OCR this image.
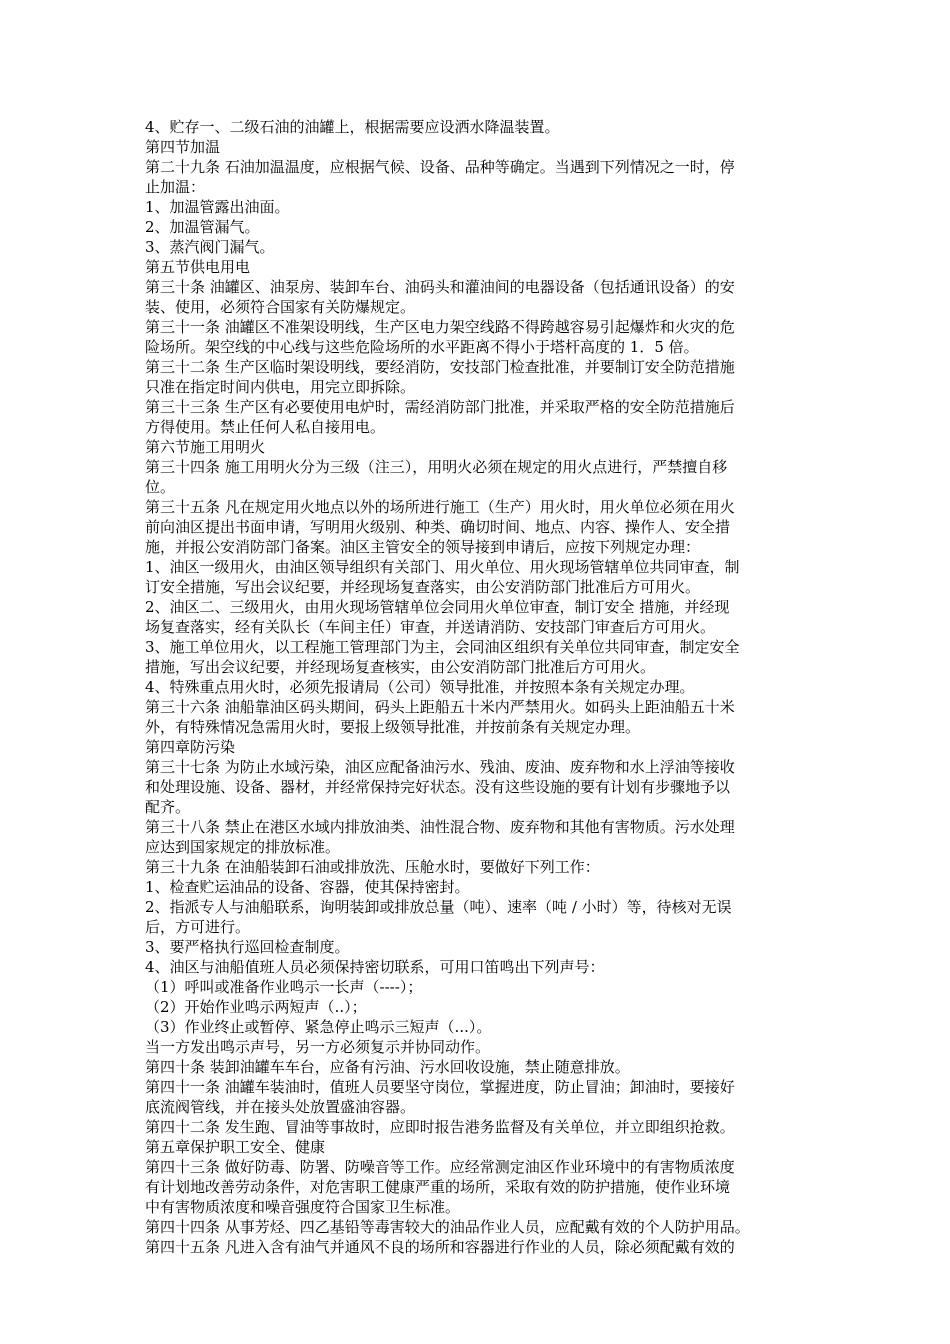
4、贮存一、二级石油的油罐上，根据需要应设洒水降温装置。
第四节加温
第二十九条 石油加温温度，应根据气候、设备、品种等确定。当遇到下列情况之一时，停
止加温：
1、加温管露出油面。
2、加温管漏气。
3、蒸汽阀门漏气。
第五节供电用电
第三十条 油罐区、油泵房、装卸车台、油码头和灌油间的电器设备（包括通讯设备）的安
装、使用，必须符合国家有关防爆规定。
第三十一条 油罐区不准架设明线，生产区电力架空线路不得跨越容易引起爆炸和火灾的危
险场所。架空线的中心线与这些危险场所的水平距离不得小于塔杆高度的 1．5 倍。
第三十二条 生产区临时架设明线，要经消防，安技部门检查批准，并要制订安全防范措施
只准在指定时间内供电，用完立即拆除。
第三十三条 生产区有必要使用电炉时，需经消防部门批准，并采取严格的安全防范措施后
方得使用。禁止任何人私自接用电。
第六节施工用明火
第三十四条 施工用明火分为三级（注三），用明火必须在规定的用火点进行，严禁擅自移
位。
第三十五条 凡在规定用火地点以外的场所进行施工（生产）用火时，用火单位必须在用火
前向油区提出书面申请，写明用火级别、种类、确切时间、地点、内容、操作人、安全措
施，并报公安消防部门备案。油区主管安全的领导接到申请后，应按下列规定办理：
1、油区一级用火，由油区领导组织有关部门、用火单位、用火现场管辖单位共同审查，制
订安全措施，写出会议纪要，并经现场复查落实，由公安消防部门批准后方可用火。
2、油区二、三级用火，由用火现场管辖单位会同用火单位审查，制订安全 措施，并经现
场复查落实，经有关队长（车间主任）审查，并送请消防、安技部门审查后方可用火。
3、施工单位用火，以工程施工管理部门为主，会同油区组织有关单位共同审查，制定安全
措施，写出会议纪要，并经现场复查核实，由公安消防部门批准后方可用火。
4、特殊重点用火时，必须先报请局（公司）领导批准，并按照本条有关规定办理。
第三十六条 油船靠油区码头期间，码头上距船五十米内严禁用火。如码头上距油船五十米
外，有特殊情况急需用火时，要报上级领导批准，并按前条有关规定办理。
第四章防污染
第三十七条 为防止水域污染，油区应配备油污水、残油、废油、废弃物和水上浮油等接收
和处理设施、设备、器材，并经常保持完好状态。没有这些设施的要有计划有步骤地予以
配齐。
第三十八条 禁止在港区水域内排放油类、油性混合物、废弃物和其他有害物质。污水处理
应达到国家规定的排放标准。
第三十九条 在油船装卸石油或排放洗、压舱水时，要做好下列工作：
1、检查贮运油品的设备、容器，使其保持密封。
2、指派专人与油船联系，询明装卸或排放总量（吨）、速率（吨 / 小时）等，待核对无误
后，方可进行。
3、要严格执行巡回检查制度。
4、油区与油船值班人员必须保持密切联系，可用口笛鸣出下列声号：
（1）呼叫或准备作业鸣示一长声（----）；
（2）开始作业鸣示两短声（..）；
（3）作业终止或暂停、紧急停止鸣示三短声（...）。
当一方发出鸣示声号，另一方必须复示并协同动作。
第四十条 装卸油罐车车台，应备有污油、污水回收设施，禁止随意排放。
第四十一条 油罐车装油时，值班人员要坚守岗位，掌握进度，防止冒油；卸油时，要接好
底流阀管线，并在接头处放置盛油容器。
第四十二条 发生跑、冒油等事故时，应即时报告港务监督及有关单位，并立即组织抢救。
第五章保护职工安全、健康
第四十三条 做好防毒、防署、防噪音等工作。应经常测定油区作业环境中的有害物质浓度
有计划地改善劳动条件，对危害职工健康严重的场所，采取有效的防护措施，使作业环境
中有害物质浓度和噪音强度符合国家卫生标准。
第四十四条 从事芳烃、四乙基铅等毒害较大的油品作业人员，应配戴有效的个人防护用品。
第四十五条 凡进入含有油气并通风不良的场所和容器进行作业的人员，除必须配戴有效的
